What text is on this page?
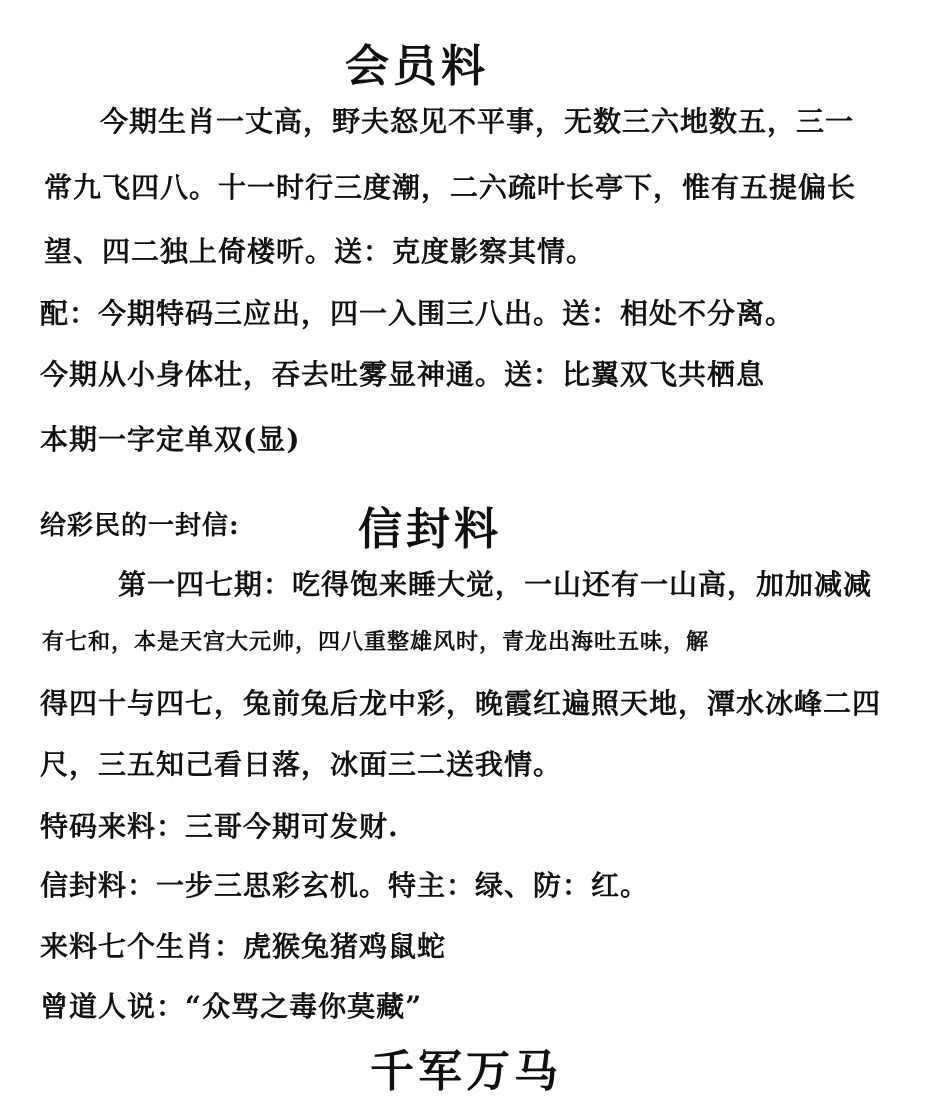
会员料
今期生肖一丈高，野夫怒见不平事，无数三六地数五，三一
常九飞四八。十一时行三度潮，二六疏叶长亭下，惟有五提偏长
望、四二独上倚楼听。送：克度影察其情。
配：今期特码三应出，四一入围三八出。送：相处不分离。
今期从小身体壮，吞去吐雾显神通。送：比翼双飞共栖息
本期一字定单双(显)
给彩民的一封信:	信封料
第一四七期：吃得饱来睡大觉，一山还有一山高，加加减减
有七和，本是天宫大元帅，四八重整雄风时，青龙出海吐五味，解
得四十与四七，兔前兔后龙中彩，晚霞红遍照天地，潭水冰峰二四
尺，三五知己看日落，冰面三二送我情。
特码来料：三哥今期可发财.
信封料：一步三思彩玄机。特主：绿、防：红。
来料七个生肖：虎猴兔猪鸡鼠蛇
曾道人说：“众骂之毒你莫藏”
千军万马
